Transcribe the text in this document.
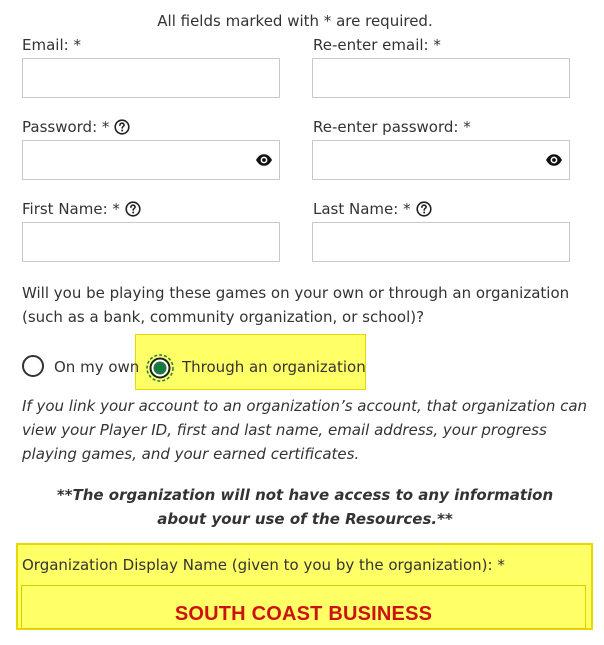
All fields marked with * are required.
Email: *	Re-enter email: *
Password: *	Re-enter password: *
First Name: *	Last Name: *
Will you be playing these games on your own or through an organization (such as a bank, community organization, or school)?
On my own	Through an organization
If you link your account to an organization’s account, that organization can view your Player ID, first and last name, email address, your progress playing games, and your earned certificates.
**The organization will not have access to any information
about your use of the Resources.**
Organization Display Name (given to you by the organization): *
SOUTH COAST BUSINESS
